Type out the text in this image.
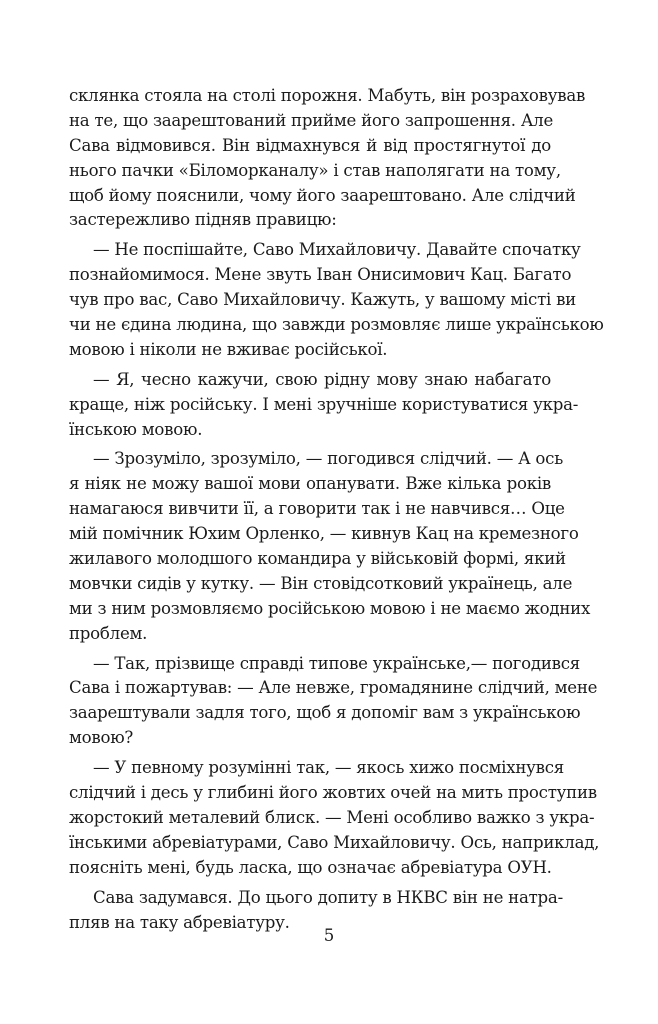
склянка стояла на столі порожня. Мабуть, він розраховував
на те, що заарештований прийме його запрошення. Але
Сава відмовився. Він відмахнувся й від простягнутої до
нього пачки «Біломорканалу» і став наполягати на тому,
щоб йому пояснили, чому його заарештовано. Але слідчий
застережливо підняв правицю:
— Не поспішайте, Саво Михайловичу. Давайте спочатку
познайомимося. Мене звуть Іван Онисимович Кац. Багато
чув про вас, Саво Михайловичу. Кажуть, у вашому місті ви
чи не єдина людина, що завжди розмовляє лише українською
мовою і ніколи не вживає російської.
— Я, чесно кажучи, свою рідну мову знаю набагато
краще, ніж російську. І мені зручніше користуватися укра-
їнською мовою.
— Зрозуміло, зрозуміло, — погодився слідчий. — А ось
я ніяк не можу вашої мови опанувати. Вже кілька років
намагаюся вивчити її, а говорити так і не навчився… Оце
мій помічник Юхим Орленко, — кивнув Кац на кремезного
жилавого молодшого командира у військовій формі, який
мовчки сидів у кутку. — Він стовідсотковий українець, але
ми з ним розмовляємо російською мовою і не маємо жодних
проблем.
— Так, прізвище справді типове українське,— погодився
Сава і пожартував: — Але невже, громадянине слідчий, мене
заарештували задля того, щоб я допоміг вам з українською
мовою?
— У певному розумінні так, — якось хижо посміхнувся
слідчий і десь у глибині його жовтих очей на мить проступив
жорстокий металевий блиск. — Мені особливо важко з укра-
їнськими абревіатурами, Саво Михайловичу. Ось, наприклад,
поясніть мені, будь ласка, що означає абревіатура ОУН.
Сава задумався. До цього допиту в НКВС він не натра-
пляв на таку абревіатуру.
5
